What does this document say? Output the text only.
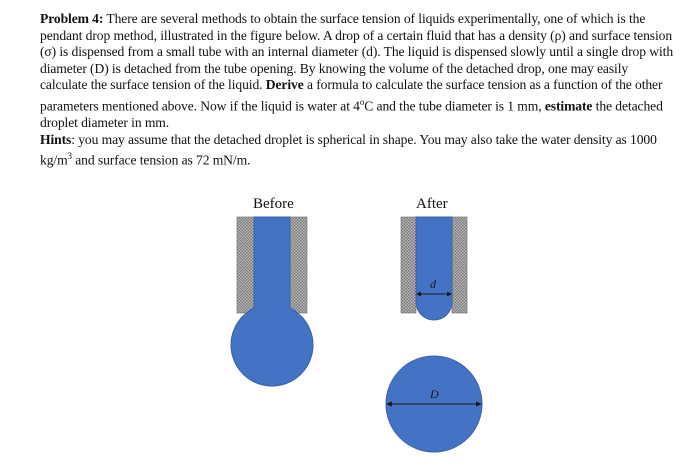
Problem 4: There are several methods to obtain the surface tension of liquids experimentally, one of which is the pendant drop method, illustrated in the figure below. A drop of a certain fluid that has a density (ρ) and surface tension (σ) is dispensed from a small tube with an internal diameter (d). The liquid is dispensed slowly until a single drop with diameter (D) is detached from the tube opening. By knowing the volume of the detached drop, one may easily calculate the surface tension of the liquid. Derive a formula to calculate the surface tension as a function of the other parameters mentioned above. Now if the liquid is water at 4$^o$C and the tube diameter is 1 mm, estimate the detached droplet diameter in mm.

Hints: you may assume that the detached droplet is spherical in shape. You may also take the water density as 1000 $kg/m^3$ and surface tension as 72 mN/m.

Before	After
d
D
